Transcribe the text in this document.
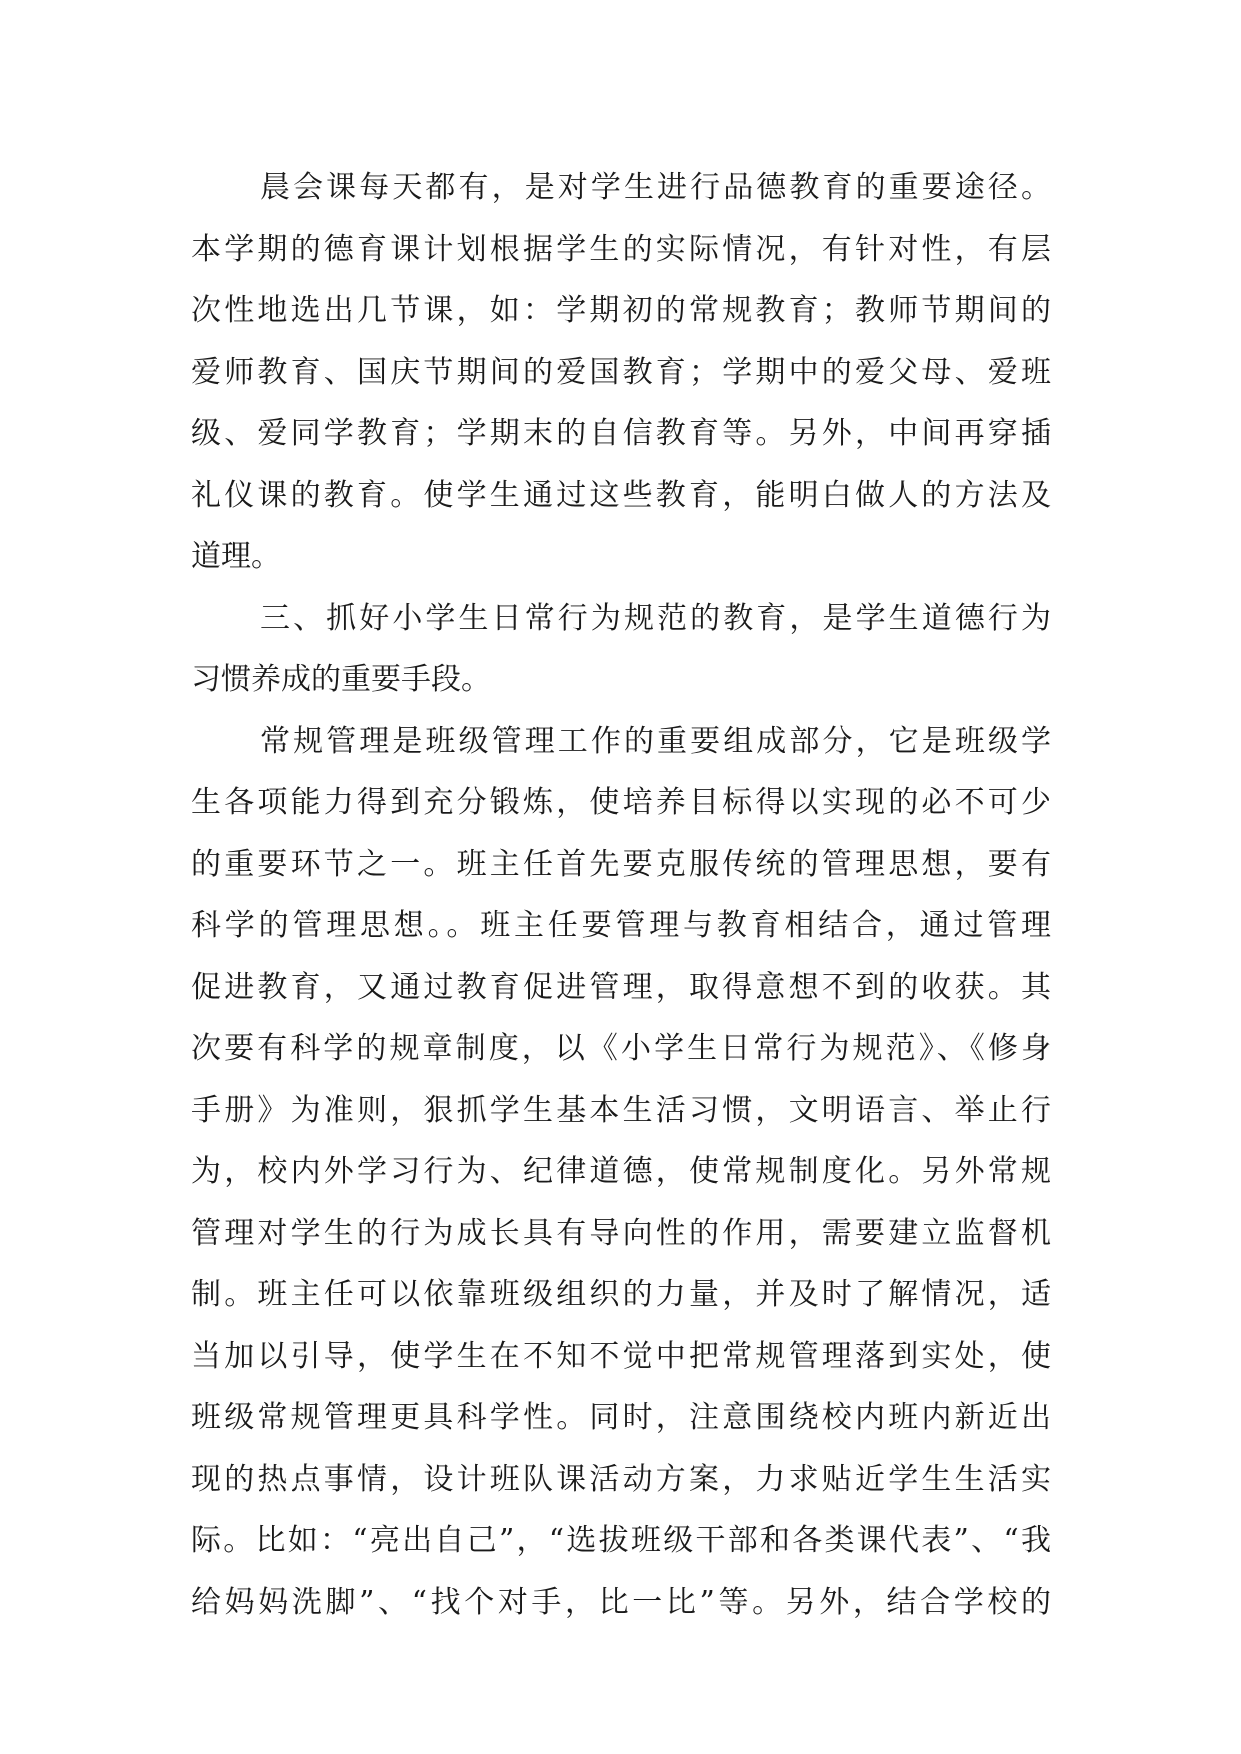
晨会课每天都有，是对学生进行品德教育的重要途径。
本学期的德育课计划根据学生的实际情况，有针对性，有层
次性地选出几节课，如：学期初的常规教育；教师节期间的
爱师教育、国庆节期间的爱国教育；学期中的爱父母、爱班
级、爱同学教育；学期末的自信教育等。另外，中间再穿插
礼仪课的教育。使学生通过这些教育，能明白做人的方法及
道理。
三、抓好小学生日常行为规范的教育，是学生道德行为
习惯养成的重要手段。
常规管理是班级管理工作的重要组成部分，它是班级学
生各项能力得到充分锻炼，使培养目标得以实现的必不可少
的重要环节之一。班主任首先要克服传统的管理思想，要有
科学的管理思想。。班主任要管理与教育相结合，通过管理
促进教育，又通过教育促进管理，取得意想不到的收获。其
次要有科学的规章制度，以《小学生日常行为规范》、《修身
手册》为准则，狠抓学生基本生活习惯，文明语言、举止行
为，校内外学习行为、纪律道德，使常规制度化。另外常规
管理对学生的行为成长具有导向性的作用，需要建立监督机
制。班主任可以依靠班级组织的力量，并及时了解情况，适
当加以引导，使学生在不知不觉中把常规管理落到实处，使
班级常规管理更具科学性。同时，注意围绕校内班内新近出
现的热点事情，设计班队课活动方案，力求贴近学生生活实
际。比如：“亮出自己”，“选拔班级干部和各类课代表”、“我
给妈妈洗脚”、“找个对手，比一比”等。另外，结合学校的
